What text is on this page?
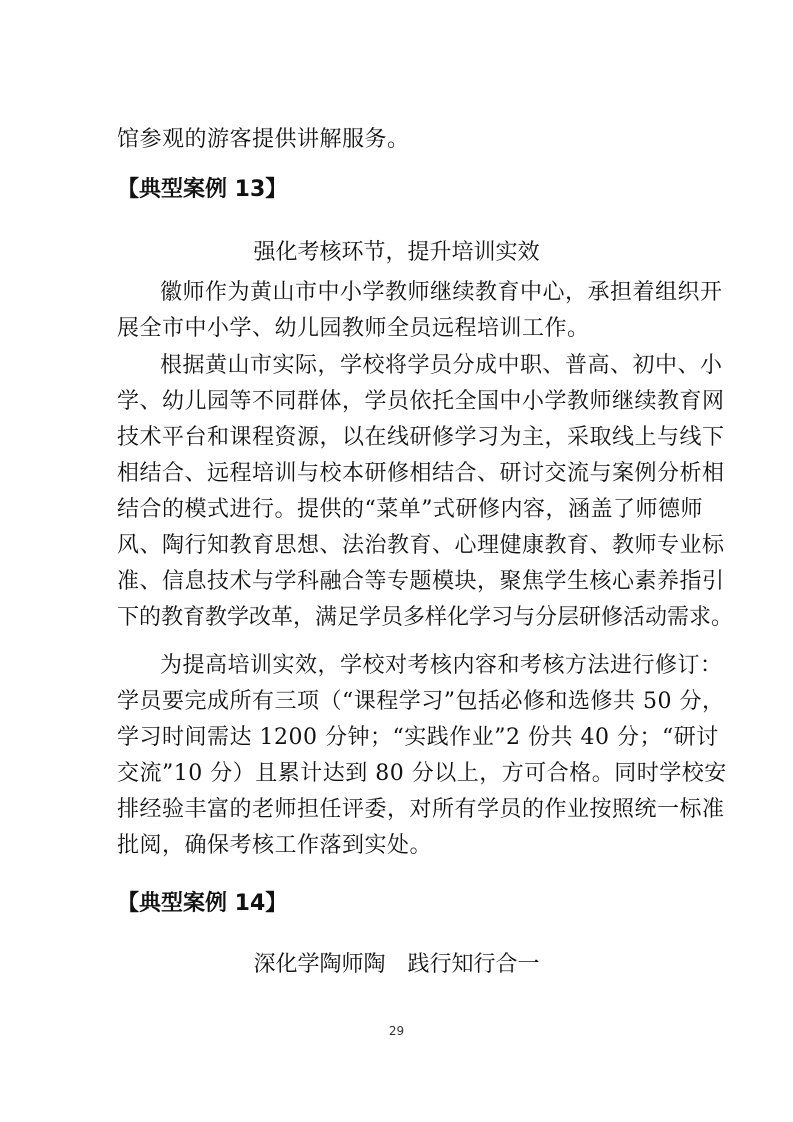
馆参观的游客提供讲解服务。
【典型案例 13】
强化考核环节，提升培训实效
徽师作为黄山市中小学教师继续教育中心，承担着组织开
展全市中小学、幼儿园教师全员远程培训工作。
根据黄山市实际，学校将学员分成中职、普高、初中、小
学、幼儿园等不同群体，学员依托全国中小学教师继续教育网
技术平台和课程资源，以在线研修学习为主，采取线上与线下
相结合、远程培训与校本研修相结合、研讨交流与案例分析相
结合的模式进行。提供的“菜单”式研修内容，涵盖了师德师
风、陶行知教育思想、法治教育、心理健康教育、教师专业标
准、信息技术与学科融合等专题模块，聚焦学生核心素养指引
下的教育教学改革，满足学员多样化学习与分层研修活动需求。
为提高培训实效，学校对考核内容和考核方法进行修订：
学员要完成所有三项（“课程学习”包括必修和选修共 50 分，
学习时间需达 1200 分钟；“实践作业”2 份共 40 分；“研讨
交流”10 分）且累计达到 80 分以上，方可合格。同时学校安
排经验丰富的老师担任评委，对所有学员的作业按照统一标准
批阅，确保考核工作落到实处。
【典型案例 14】
深化学陶师陶　践行知行合一
29
